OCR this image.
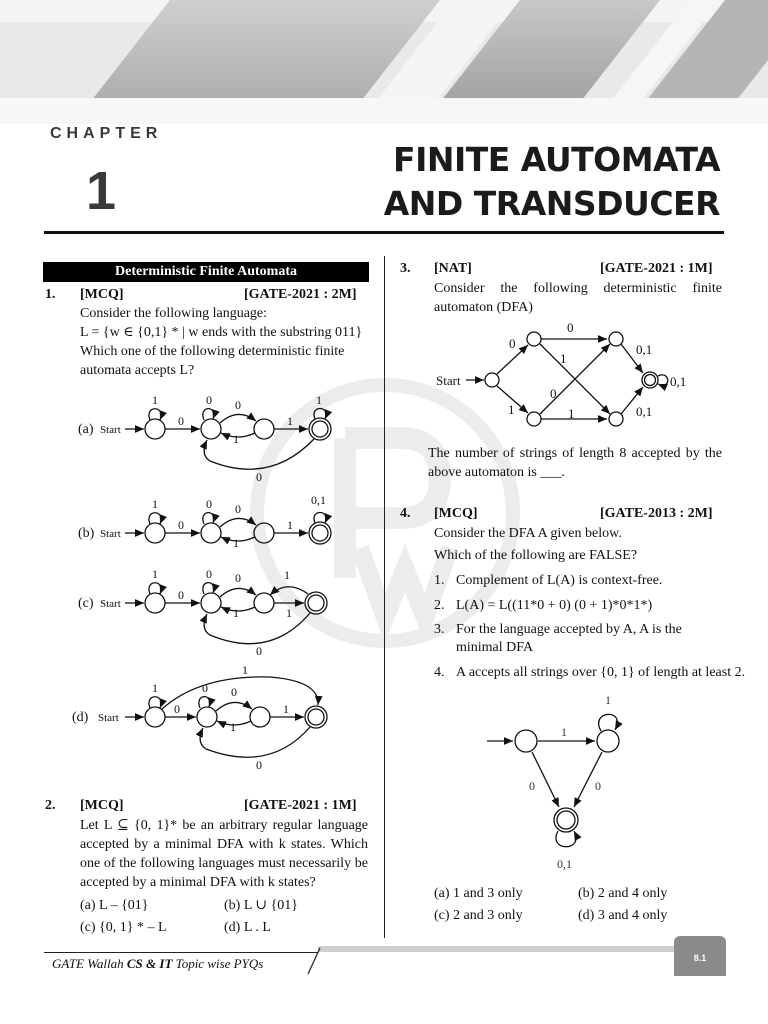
CHAPTER
1
FINITE AUTOMATA
AND TRANSDUCER
Deterministic Finite Automata
1. [MCQ]	[GATE-2021 : 2M]
Consider the following language:
L = {w ∈ {0,1} * | w ends with the substring 011}
Which one of the following deterministic finite
automata accepts L?
(a) Start
(b) Start
(c) Start
(d) Start
1	0 0
1
0	1
1
0
1	0 0
1
0	1
0,1
1	0 0
1
0
1
1
0
1	0 0
1
0	1
1
0
2. [MCQ]	[GATE-2021 : 1M]
Let L ⊆ {0, 1}* be an arbitrary regular language
accepted by a minimal DFA with k states. Which
one of the following languages must necessarily be
accepted by a minimal DFA with k states?
(a) L – {01}	(b) L ∪ {01}
(c) {0, 1} * – L	(d) L . L
3. [NAT]	[GATE-2021 : 1M]
Consider the following deterministic finite
automaton (DFA)
Start
0
0
1
0
1	1
0,1
0,1
0,1
The number of strings of length 8 accepted by the
above automaton is ___.
4. [MCQ]	[GATE-2013 : 2M]
Consider the DFA A given below.
Which of the following are FALSE?
1. Complement of L(A) is context-free.
2. L(A) = L((11*0 + 0) (0 + 1)*0*1*)
3. For the language accepted by A, A is the
minimal DFA
4. A accepts all strings over {0, 1} of length at least 2.
1
1
0	0
0,1
(a) 1 and 3 only	(b) 2 and 4 only
(c) 2 and 3 only	(d) 3 and 4 only
GATE Wallah CS & IT Topic wise PYQs	8.1
